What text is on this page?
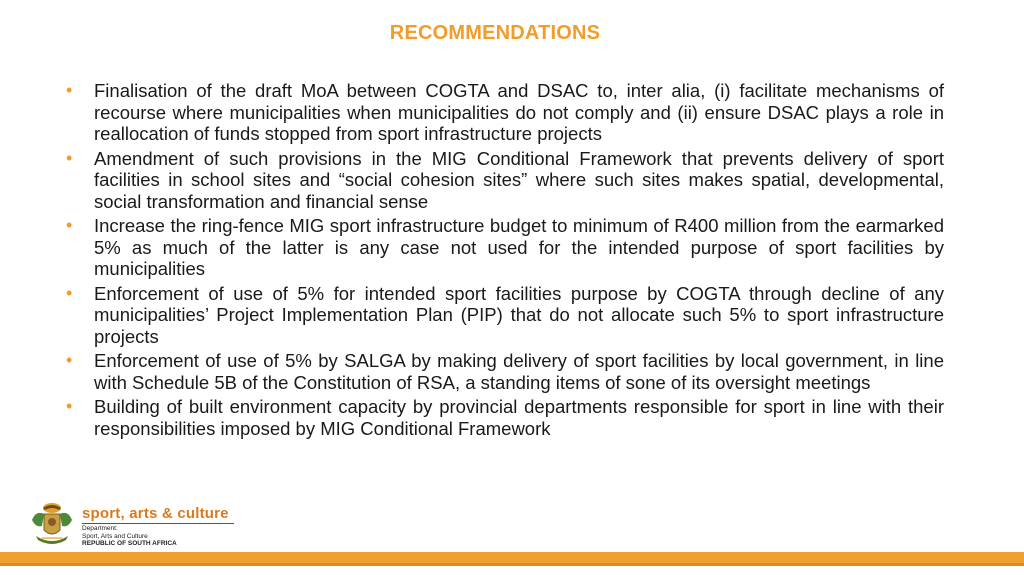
RECOMMENDATIONS
• Finalisation of the draft MoA between COGTA and DSAC to, inter alia, (i) facilitate mechanisms of recourse where municipalities when municipalities do not comply and (ii) ensure DSAC plays a role in reallocation of funds stopped from sport infrastructure projects
• Amendment of such provisions in the MIG Conditional Framework that prevents delivery of sport facilities in school sites and “social cohesion sites” where such sites makes spatial, developmental, social transformation and financial sense
• Increase the ring-fence MIG sport infrastructure budget to minimum of R400 million from the earmarked 5% as much of the latter is any case not used for the intended purpose of sport facilities by municipalities
• Enforcement of use of 5% for intended sport facilities purpose by COGTA through decline of any municipalities’ Project Implementation Plan (PIP) that do not allocate such 5% to sport infrastructure projects
• Enforcement of use of 5% by SALGA by making delivery of sport facilities by local government, in line with Schedule 5B of the Constitution of RSA, a standing items of sone of its oversight meetings
• Building of built environment capacity by provincial departments responsible for sport in line with their responsibilities imposed by MIG Conditional Framework
sport, arts & culture
Department:
Sport, Arts and Culture
REPUBLIC OF SOUTH AFRICA
